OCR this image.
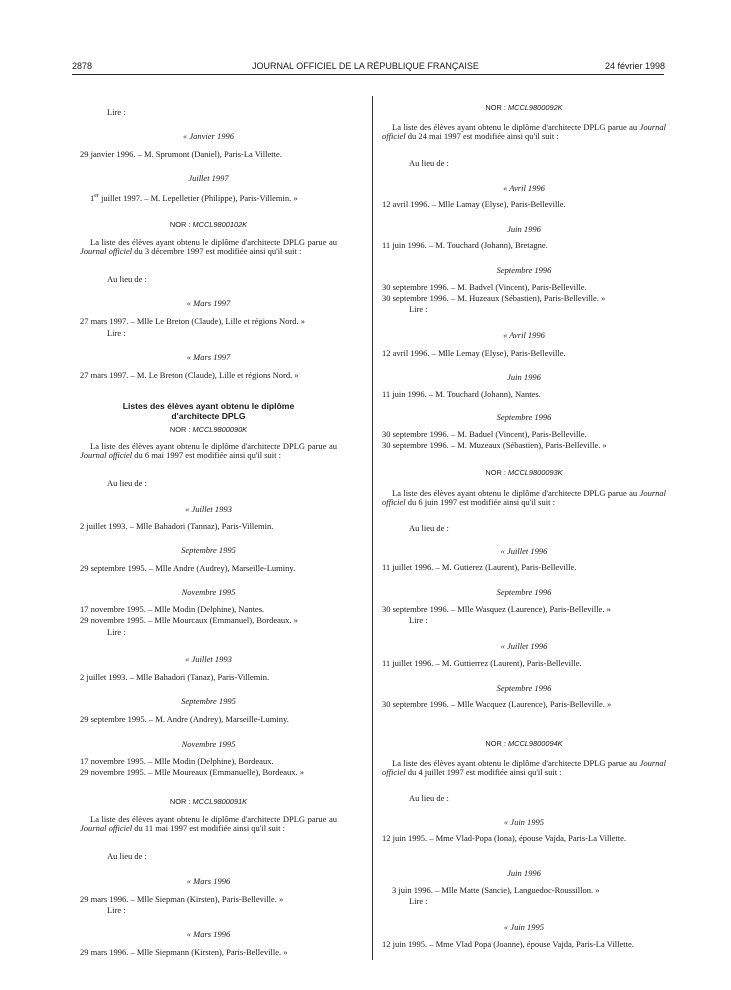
2878	JOURNAL OFFICIEL DE LA RÉPUBLIQUE FRANÇAISE	24 février 1998
Lire :
« Janvier 1996
29 janvier 1996. – M. Sprumont (Daniel), Paris-La Villette.
Juillet 1997
1er juillet 1997. – M. Lepelletier (Philippe), Paris-Villemin. »
NOR : MCCL9800102K
La liste des élèves ayant obtenu le diplôme d'architecte DPLG parue au Journal officiel du 3 décembre 1997 est modifiée ainsi qu'il suit :
Au lieu de :
« Mars 1997
27 mars 1997. – Mlle Le Breton (Claude), Lille et régions Nord. »
Lire :
« Mars 1997
27 mars 1997. – M. Le Breton (Claude), Lille et régions Nord. »
Listes des élèves ayant obtenu le diplôme d'architecte DPLG
NOR : MCCL9800090K
La liste des élèves ayant obtenu le diplôme d'architecte DPLG parue au Journal officiel du 6 mai 1997 est modifiée ainsi qu'il suit :
Au lieu de :
« Juillet 1993
2 juillet 1993. – Mlle Bahadori (Tannaz), Paris-Villemin.
Septembre 1995
29 septembre 1995. – Mlle Andre (Audrey), Marseille-Luminy.
Novembre 1995
17 novembre 1995. – Mlle Modin (Delphine), Nantes.
29 novembre 1995. – Mlle Mourcaux (Emmanuel), Bordeaux. »
Lire :
« Juillet 1993
2 juillet 1993. – Mlle Bahadori (Tanaz), Paris-Villemin.
Septembre 1995
29 septembre 1995. – M. Andre (Andrey), Marseille-Luminy.
Novembre 1995
17 novembre 1995. – Mlle Modin (Delphine), Bordeaux.
29 novembre 1995. – Mlle Moureaux (Emmanuelle), Bordeaux. »
NOR : MCCL9800091K
La liste des élèves ayant obtenu le diplôme d'architecte DPLG parue au Journal officiel du 11 mai 1997 est modifiée ainsi qu'il suit :
Au lieu de :
« Mars 1996
29 mars 1996. – Mlle Siepman (Kirsten), Paris-Belleville. »
Lire :
« Mars 1996
29 mars 1996. – Mlle Siepmann (Kirsten), Paris-Belleville. »
NOR : MCCL9800092K
La liste des élèves ayant obtenu le diplôme d'architecte DPLG parue au Journal officiel du 24 mai 1997 est modifiée ainsi qu'il suit :
Au lieu de :
« Avril 1996
12 avril 1996. – Mlle Lamay (Elyse), Paris-Belleville.
Juin 1996
11 juin 1996. – M. Touchard (Johann), Bretagne.
Septembre 1996
30 septembre 1996. – M. Badvel (Vincent), Paris-Belleville.
30 septembre 1996. – M. Huzeaux (Sébastien), Paris-Belleville. »
Lire :
« Avril 1996
12 avril 1996. – Mlle Lemay (Elyse), Paris-Belleville.
Juin 1996
11 juin 1996. – M. Touchard (Johann), Nantes.
Septembre 1996
30 septembre 1996. – M. Baduel (Vincent), Paris-Belleville.
30 septembre 1996. – M. Muzeaux (Sébastien), Paris-Belleville. »
NOR : MCCL9800093K
La liste des élèves ayant obtenu le diplôme d'architecte DPLG parue au Journal officiel du 6 juin 1997 est modifiée ainsi qu'il suit :
Au lieu de :
« Juillet 1996
11 juillet 1996. – M. Gutierez (Laurent), Paris-Belleville.
Septembre 1996
30 septembre 1996. – Mlle Wasquez (Laurence), Paris-Belleville. »
Lire :
« Juillet 1996
11 juillet 1996. – M. Guttierrez (Laurent), Paris-Belleville.
Septembre 1996
30 septembre 1996. – Mlle Wacquez (Laurence), Paris-Belleville. »
NOR : MCCL9800094K
La liste des élèves ayant obtenu le diplôme d'architecte DPLG parue au Journal officiel du 4 juillet 1997 est modifiée ainsi qu'il suit :
Au lieu de :
« Juin 1995
12 juin 1995. – Mme Vlad-Popa (Iona), épouse Vajda, Paris-La Villette.
Juin 1996
3 juin 1996. – Mlle Matte (Sancie), Languedoc-Roussillon. »
Lire :
« Juin 1995
12 juin 1995. – Mme Vlad Popa (Joanne), épouse Vajda, Paris-La Villette.
